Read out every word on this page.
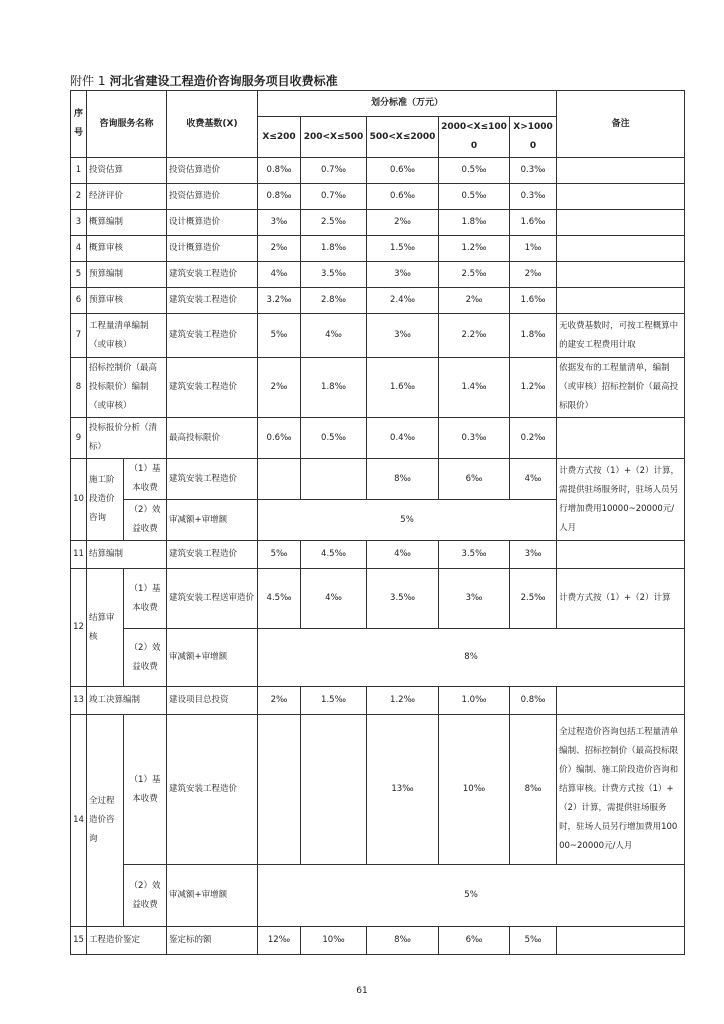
附件 1 河北省建设工程造价咨询服务项目收费标准
序号	咨询服务名称		收费基数(X)	划分标准（万元）					备注
				X≤200	200<X≤500	500<X≤2000	2000<X≤1000	X>10000	
1	投资估算		投资估算造价	0.8‰	0.7‰	0.6‰	0.5‰	0.3‰	
2	经济评价		投资估算造价	0.8‰	0.7‰	0.6‰	0.5‰	0.3‰	
3	概算编制		设计概算造价	3‰	2.5‰	2‰	1.8‰	1.6‰	
4	概算审核		设计概算造价	2‰	1.8‰	1.5‰	1.2‰	1‰	
5	预算编制		建筑安装工程造价	4‰	3.5‰	3‰	2.5‰	2‰	
6	预算审核		建筑安装工程造价	3.2‰	2.8‰	2.4‰	2‰	1.6‰	
7	工程量清单编制（或审核）		建筑安装工程造价	5‰	4‰	3‰	2.2‰	1.8‰	无收费基数时，可按工程概算中的建安工程费用计取
8	招标控制价（最高投标限价）编制（或审核）		建筑安装工程造价	2‰	1.8‰	1.6‰	1.4‰	1.2‰	依据发布的工程量清单，编制（或审核）招标控制价（最高投标限价）
9	投标报价分析（清标）		最高投标限价	0.6‰	0.5‰	0.4‰	0.3‰	0.2‰	
10	施工阶段造价咨询	（1）基本收费	建筑安装工程造价			8‰	6‰	4‰	计费方式按（1）+（2）计算，需提供驻场服务时，驻场人员另行增加费用10000~20000元/人月
		（2）效益收费	审减额+审增额	5%					
11	结算编制		建筑安装工程造价	5‰	4.5‰	4‰	3.5‰	3‰	
12	结算审核	（1）基本收费	建筑安装工程送审造价	4.5‰	4‰	3.5‰	3‰	2.5‰	计费方式按（1）+（2）计算
		（2）效益收费	审减额+审增额	8%					
13	竣工决算编制		建设项目总投资	2‰	1.5‰	1.2‰	1.0‰	0.8‰	
14	全过程造价咨询	（1）基本收费	建筑安装工程造价			13‰	10‰	8‰	全过程造价咨询包括工程量清单编制、招标控制价（最高投标限价）编制、施工阶段造价咨询和结算审核。计费方式按（1）+（2）计算，需提供驻场服务时，驻场人员另行增加费用10000~20000元/人月
		（2）效益收费	审减额+审增额	5%					
15	工程造价鉴定		鉴定标的额	12‰	10‰	8‰	6‰	5‰	
61
